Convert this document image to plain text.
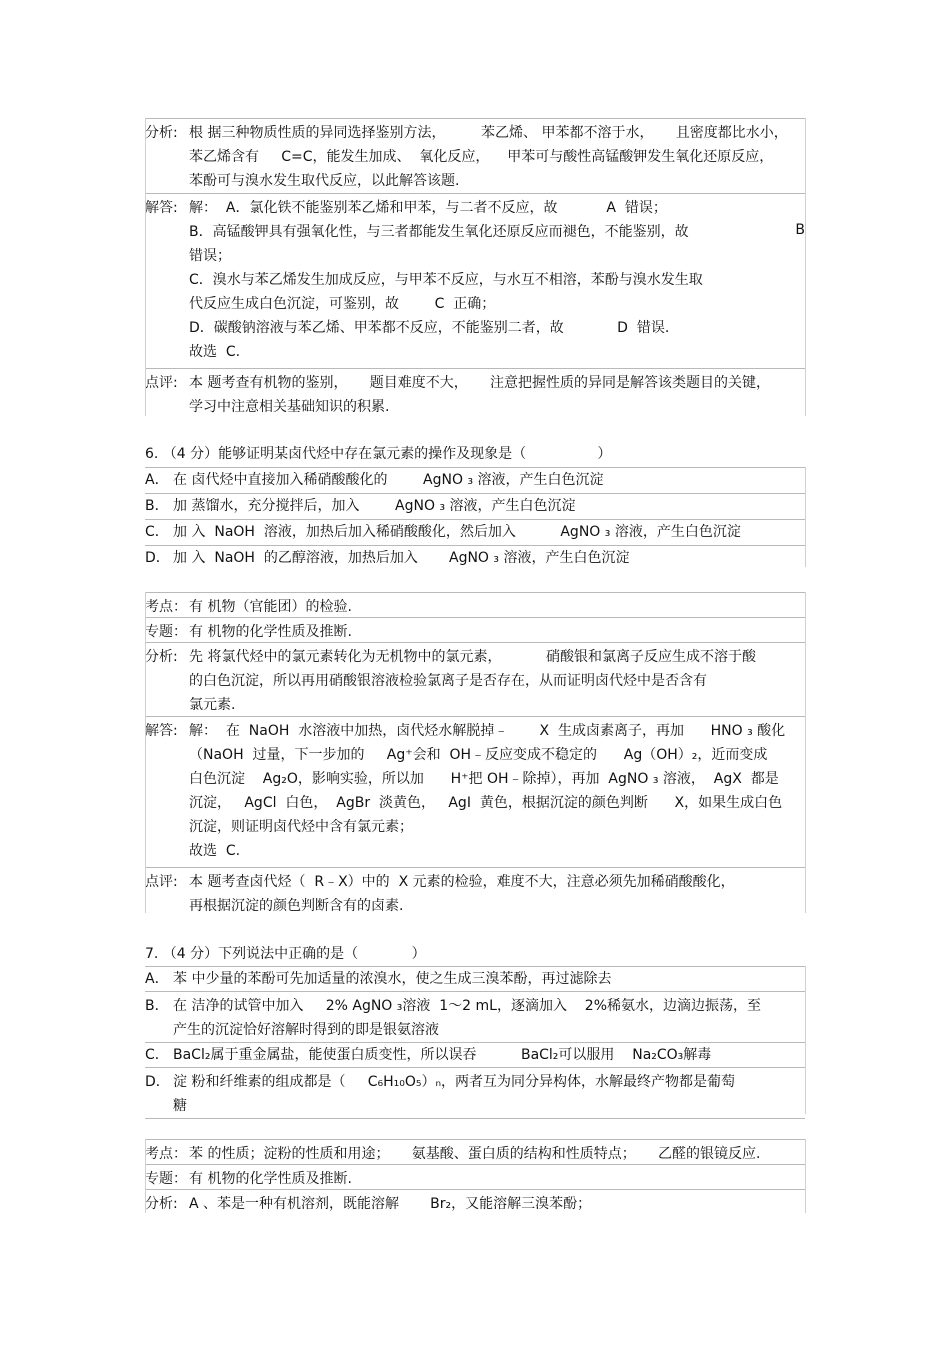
分析: 根 据三种物质性质的异同选择鉴别方法，        苯乙烯、 甲苯都不溶于水，     且密度都比水小，
苯乙烯含有     C=C，能发生加成、  氧化反应，    甲苯可与酸性高锰酸钾发生氧化还原反应，
苯酚可与溴水发生取代反应，以此解答该题.
解答:
B
解：  A．氯化铁不能鉴别苯乙烯和甲苯，与二者不反应，故           A  错误；
B．高锰酸钾具有强氧化性，与三者都能发生氧化还原反应而褪色，不能鉴别，故
错误；
C．溴水与苯乙烯发生加成反应，与甲苯不反应，与水互不相溶，苯酚与溴水发生取
代反应生成白色沉淀，可鉴别，故        C  正确；
D．碳酸钠溶液与苯乙烯、甲苯都不反应，不能鉴别二者，故            D  错误.
故选  C.
点评: 本 题考查有机物的鉴别，     题目难度不大，     注意把握性质的异同是解答该类题目的关键，
学习中注意相关基础知识的积累.
6. （4 分）能够证明某卤代烃中存在氯元素的操作及现象是（                ）
A． 在 卤代烃中直接加入稀硝酸酸化的        AgNO ₃ 溶液，产生白色沉淀
B． 加 蒸馏水，充分搅拌后，加入        AgNO ₃ 溶液，产生白色沉淀
C． 加 入  NaOH  溶液，加热后加入稀硝酸酸化，然后加入          AgNO ₃ 溶液，产生白色沉淀
D． 加 入  NaOH  的乙醇溶液，加热后加入       AgNO ₃ 溶液，产生白色沉淀
考点： 有 机物（官能团）的检验.
专题： 有 机物的化学性质及推断.
分析: 先 将氯代烃中的氯元素转化为无机物中的氯元素，          硝酸银和氯离子反应生成不溶于酸
的白色沉淀，所以再用硝酸银溶液检验氯离子是否存在，从而证明卤代烃中是否含有
氯元素.
解答: 解：  在  NaOH  水溶液中加热，卤代烃水解脱掉﹣       X  生成卤素离子，再加      HNO ₃ 酸化
（NaOH  过量，下一步加的     Ag⁺会和  OH﹣反应变成不稳定的      Ag（OH）₂，近而变成
白色沉淀    Ag₂O，影响实验，所以加      H⁺把 OH﹣除掉），再加  AgNO ₃ 溶液，  AgX  都是
沉淀，   AgCl  白色，  AgBr  淡黄色，   AgI  黄色，根据沉淀的颜色判断      X，如果生成白色
沉淀，则证明卤代烃中含有氯元素；
故选  C.
点评: 本 题考查卤代烃（  R﹣X）中的  X 元素的检验，难度不大，注意必须先加稀硝酸酸化，
再根据沉淀的颜色判断含有的卤素.
7. （4 分）下列说法中正确的是（            ）
A． 苯 中少量的苯酚可先加适量的浓溴水，使之生成三溴苯酚，再过滤除去
B． 在 洁净的试管中加入     2% AgNO ₃溶液  1～2 mL，逐滴加入    2%稀氨水，边滴边振荡，至
产生的沉淀恰好溶解时得到的即是银氨溶液
C． BaCl₂属于重金属盐，能使蛋白质变性，所以误吞          BaCl₂可以服用    Na₂CO₃解毒
D． 淀 粉和纤维素的组成都是（     C₆H₁₀O₅）ₙ，两者互为同分异构体，水解最终产物都是葡萄
糖
考点： 苯 的性质；淀粉的性质和用途；     氨基酸、蛋白质的结构和性质特点；     乙醛的银镜反应.
专题： 有 机物的化学性质及推断.
分析: A 、苯是一种有机溶剂，既能溶解       Br₂，又能溶解三溴苯酚；
